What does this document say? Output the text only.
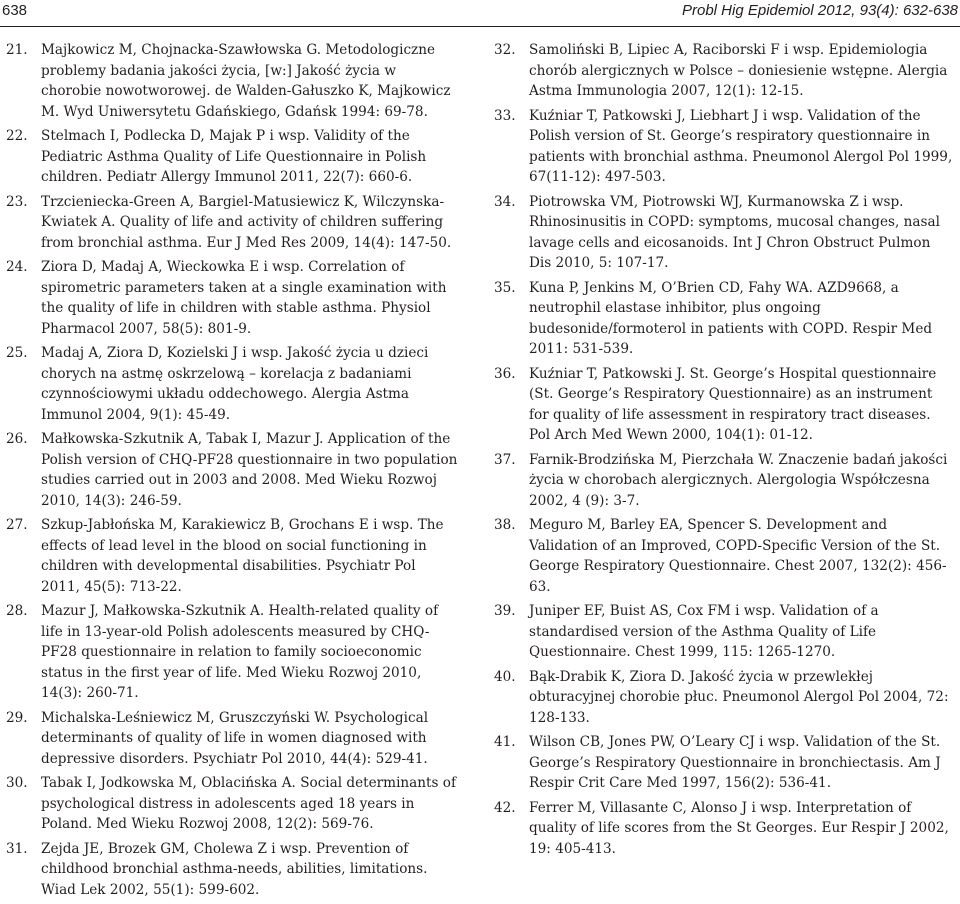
638	Probl Hig Epidemiol 2012, 93(4): 632-638
21. Majkowicz M, Chojnacka-Szawłowska G. Metodologiczne problemy badania jakości życia, [w:] Jakość życia w chorobie nowotworowej. de Walden-Gałuszko K, Majkowicz M. Wyd Uniwersytetu Gdańskiego, Gdańsk 1994: 69-78.
22. Stelmach I, Podlecka D, Majak P i wsp. Validity of the Pediatric Asthma Quality of Life Questionnaire in Polish children. Pediatr Allergy Immunol 2011, 22(7): 660-6.
23. Trzcieniecka-Green A, Bargiel-Matusiewicz K, Wilczynska-Kwiatek A. Quality of life and activity of children suffering from bronchial asthma. Eur J Med Res 2009, 14(4): 147-50.
24. Ziora D, Madaj A, Wieckowka E i wsp. Correlation of spirometric parameters taken at a single examination with the quality of life in children with stable asthma. Physiol Pharmacol 2007, 58(5): 801-9.
25. Madaj A, Ziora D, Kozielski J i wsp. Jakość życia u dzieci chorych na astmę oskrzelową – korelacja z badaniami czynnościowymi układu oddechowego. Alergia Astma Immunol 2004, 9(1): 45-49.
26. Małkowska-Szkutnik A, Tabak I, Mazur J. Application of the Polish version of CHQ-PF28 questionnaire in two population studies carried out in 2003 and 2008. Med Wieku Rozwoj 2010, 14(3): 246-59.
27. Szkup-Jabłońska M, Karakiewicz B, Grochans E i wsp. The effects of lead level in the blood on social functioning in children with developmental disabilities. Psychiatr Pol 2011, 45(5): 713-22.
28. Mazur J, Małkowska-Szkutnik A. Health-related quality of life in 13-year-old Polish adolescents measured by CHQ-PF28 questionnaire in relation to family socioeconomic status in the first year of life. Med Wieku Rozwoj 2010, 14(3): 260-71.
29. Michalska-Leśniewicz M, Gruszczyński W. Psychological determinants of quality of life in women diagnosed with depressive disorders. Psychiatr Pol 2010, 44(4): 529-41.
30. Tabak I, Jodkowska M, Oblacińska A. Social determinants of psychological distress in adolescents aged 18 years in Poland. Med Wieku Rozwoj 2008, 12(2): 569-76.
31. Zejda JE, Brozek GM, Cholewa Z i wsp. Prevention of childhood bronchial asthma-needs, abilities, limitations. Wiad Lek 2002, 55(1): 599-602.
32. Samoliński B, Lipiec A, Raciborski F i wsp. Epidemiologia chorób alergicznych w Polsce – doniesienie wstępne. Alergia Astma Immunologia 2007, 12(1): 12-15.
33. Kuźniar T, Patkowski J, Liebhart J i wsp. Validation of the Polish version of St. George’s respiratory questionnaire in patients with bronchial asthma. Pneumonol Alergol Pol 1999, 67(11-12): 497-503.
34. Piotrowska VM, Piotrowski WJ, Kurmanowska Z i wsp. Rhinosinusitis in COPD: symptoms, mucosal changes, nasal lavage cells and eicosanoids. Int J Chron Obstruct Pulmon Dis 2010, 5: 107-17.
35. Kuna P, Jenkins M, O’Brien CD, Fahy WA. AZD9668, a neutrophil elastase inhibitor, plus ongoing budesonide/formoterol in patients with COPD. Respir Med 2011: 531-539.
36. Kuźniar T, Patkowski J. St. George’s Hospital questionnaire (St. George’s Respiratory Questionnaire) as an instrument for quality of life assessment in respiratory tract diseases. Pol Arch Med Wewn 2000, 104(1): 01-12.
37. Farnik-Brodzińska M, Pierzchała W. Znaczenie badań jakości życia w chorobach alergicznych. Alergologia Współczesna 2002, 4 (9): 3-7.
38. Meguro M, Barley EA, Spencer S. Development and Validation of an Improved, COPD-Specific Version of the St. George Respiratory Questionnaire. Chest 2007, 132(2): 456-63.
39. Juniper EF, Buist AS, Cox FM i wsp. Validation of a standardised version of the Asthma Quality of Life Questionnaire. Chest 1999, 115: 1265-1270.
40. Bąk-Drabik K, Ziora D. Jakość życia w przewlekłej obturacyjnej chorobie płuc. Pneumonol Alergol Pol 2004, 72: 128-133.
41. Wilson CB, Jones PW, O’Leary CJ i wsp. Validation of the St. George’s Respiratory Questionnaire in bronchiectasis. Am J Respir Crit Care Med 1997, 156(2): 536-41.
42. Ferrer M, Villasante C, Alonso J i wsp. Interpretation of quality of life scores from the St Georges. Eur Respir J 2002, 19: 405-413.
